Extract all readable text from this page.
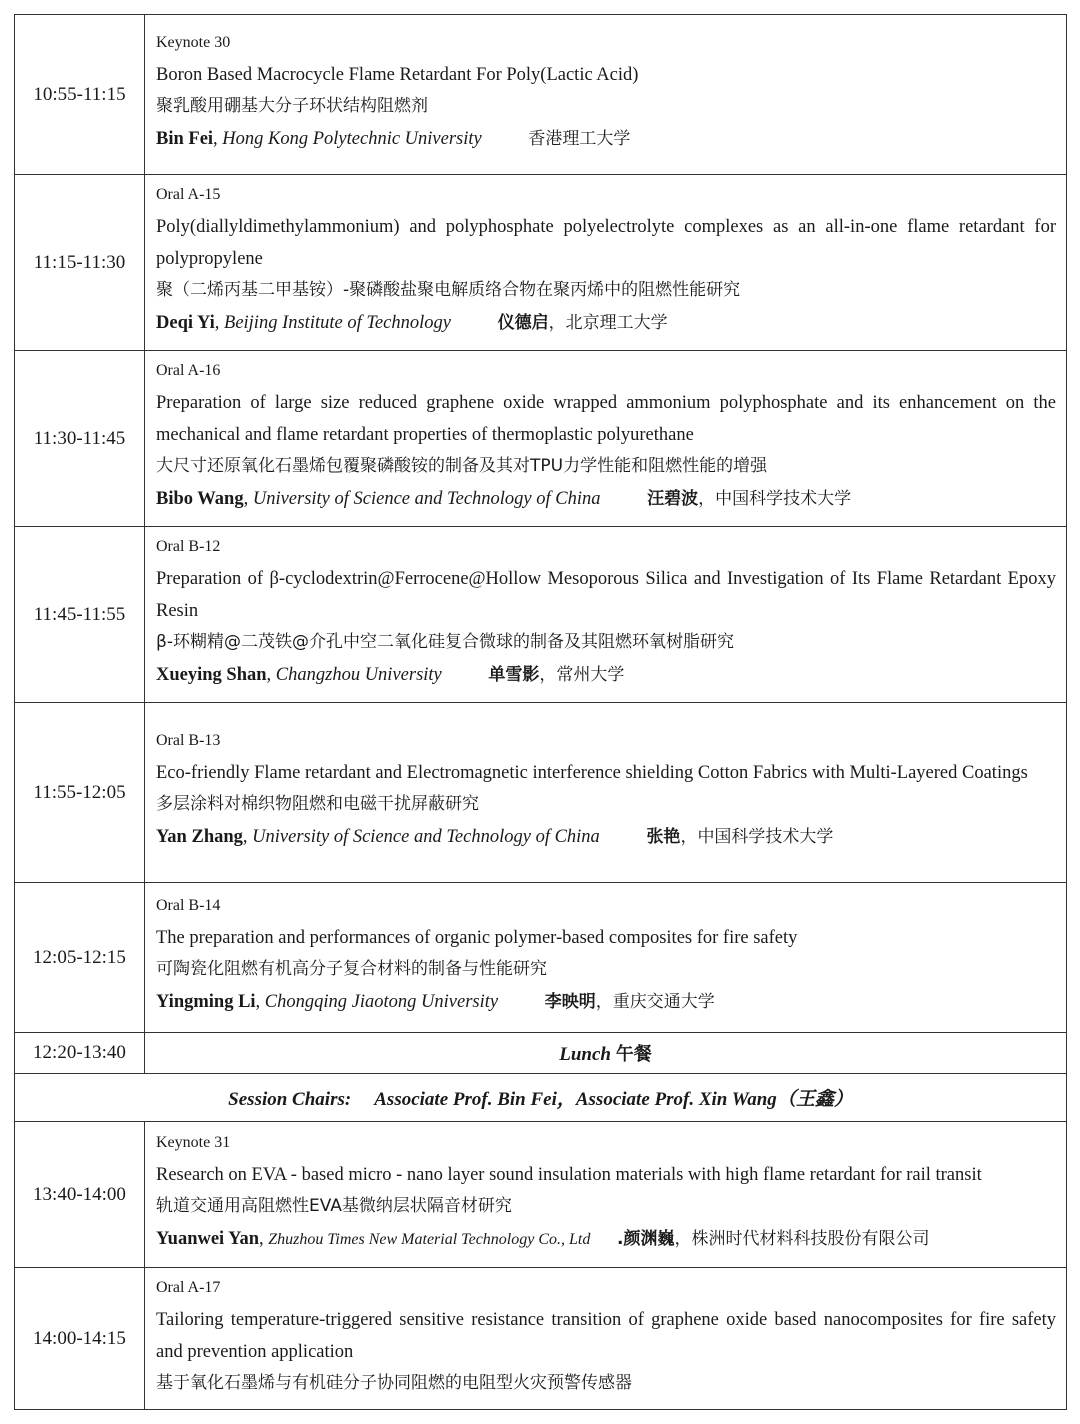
10:55-11:15	Keynote 30
Boron Based Macrocycle Flame Retardant For Poly(Lactic Acid)
聚乳酸用硼基大分子环状结构阻燃剂
Bin Fei, Hong Kong Polytechnic University 香港理工大学

11:15-11:30	Oral A-15
Poly(diallyldimethylammonium) and polyphosphate polyelectrolyte complexes as an all-in-one flame retardant for polypropylene
聚（二烯丙基二甲基铵）-聚磷酸盐聚电解质络合物在聚丙烯中的阻燃性能研究
Deqi Yi, Beijing Institute of Technology 仪德启，北京理工大学

11:30-11:45	Oral A-16
Preparation of large size reduced graphene oxide wrapped ammonium polyphosphate and its enhancement on the mechanical and flame retardant properties of thermoplastic polyurethane
大尺寸还原氧化石墨烯包覆聚磷酸铵的制备及其对TPU力学性能和阻燃性能的增强
Bibo Wang, University of Science and Technology of China 汪碧波，中国科学技术大学

11:45-11:55	Oral B-12
Preparation of β-cyclodextrin@Ferrocene@Hollow Mesoporous Silica and Investigation of Its Flame Retardant Epoxy Resin
β-环糊精@二茂铁@介孔中空二氧化硅复合微球的制备及其阻燃环氧树脂研究
Xueying Shan, Changzhou University 单雪影，常州大学

11:55-12:05	Oral B-13
Eco-friendly Flame retardant and Electromagnetic interference shielding Cotton Fabrics with Multi-Layered Coatings
多层涂料对棉织物阻燃和电磁干扰屏蔽研究
Yan Zhang, University of Science and Technology of China 张艳，中国科学技术大学

12:05-12:15	Oral B-14
The preparation and performances of organic polymer-based composites for fire safety
可陶瓷化阻燃有机高分子复合材料的制备与性能研究
Yingming Li, Chongqing Jiaotong University 李映明，重庆交通大学

12:20-13:40	Lunch 午餐
Session Chairs: Associate Prof. Bin Fei，Associate Prof. Xin Wang（王鑫）	
13:40-14:00	Keynote 31
Research on EVA - based micro - nano layer sound insulation materials with high flame retardant for rail transit
轨道交通用高阻燃性EVA基微纳层状隔音材研究
Yuanwei Yan, Zhuzhou Times New Material Technology Co., Ltd .颜渊巍，株洲时代材料科技股份有限公司

14:00-14:15	Oral A-17
Tailoring temperature-triggered sensitive resistance transition of graphene oxide based nanocomposites for fire safety and prevention application
基于氧化石墨烯与有机硅分子协同阻燃的电阻型火灾预警传感器
